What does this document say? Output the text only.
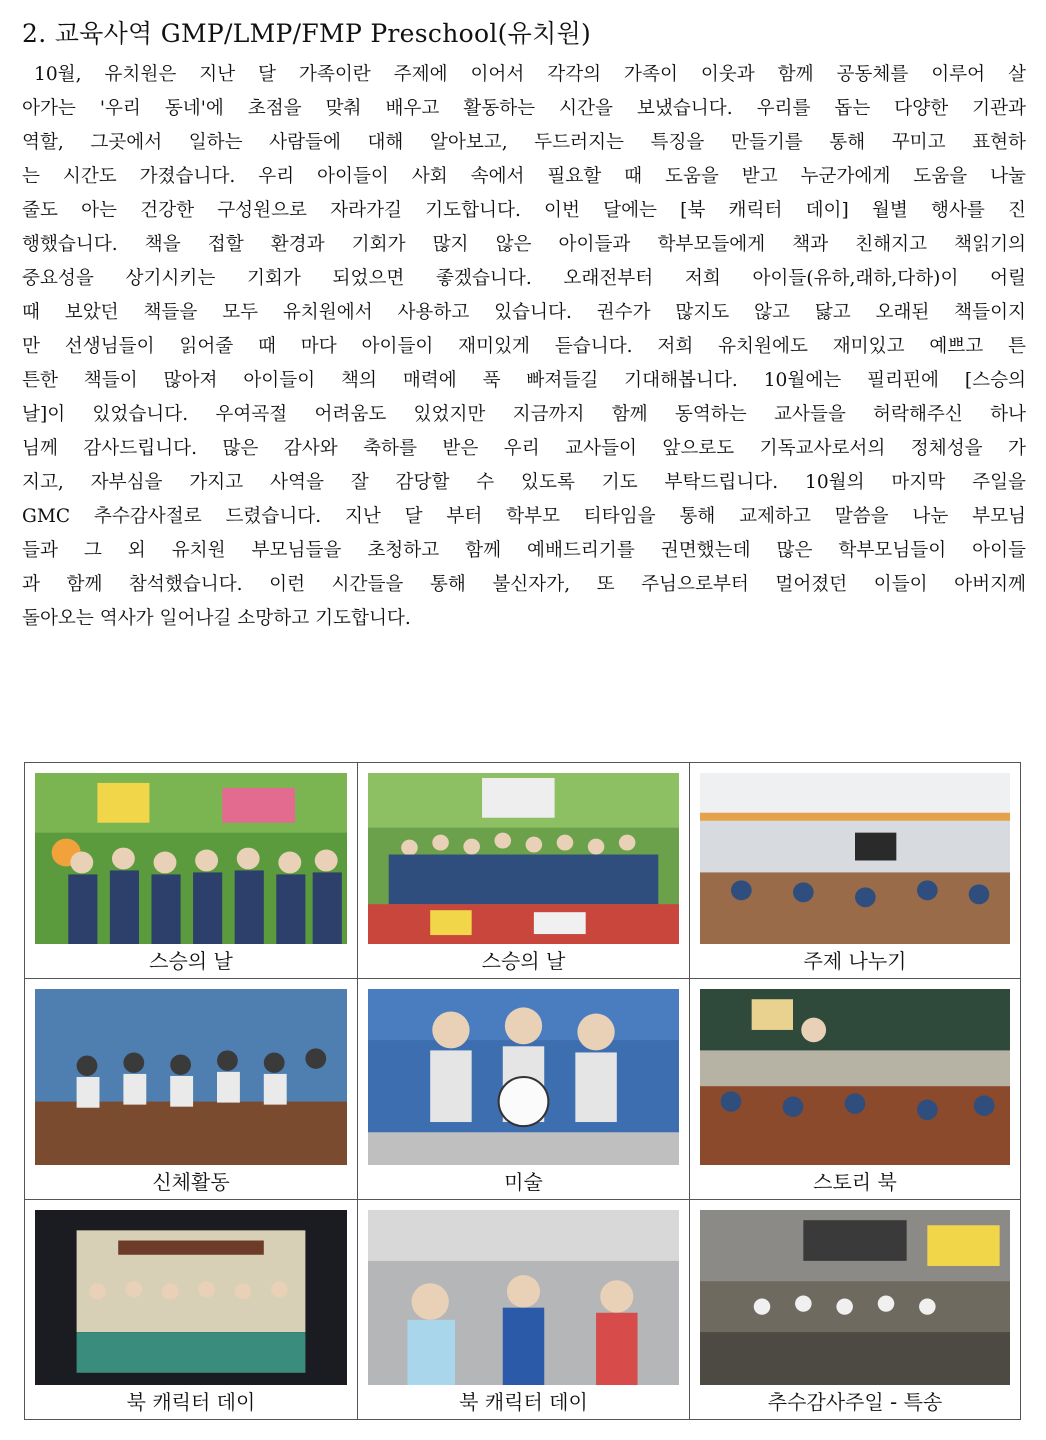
2. 교육사역 GMP/LMP/FMP Preschool(유치원)
10월, 유치원은 지난 달 가족이란 주제에 이어서 각각의 가족이 이웃과 함께 공동체를 이루어 살
아가는 '우리 동네'에 초점을 맞춰 배우고 활동하는 시간을 보냈습니다. 우리를 돕는 다양한 기관과
역할, 그곳에서 일하는 사람들에 대해 알아보고, 두드러지는 특징을 만들기를 통해 꾸미고 표현하
는 시간도 가졌습니다. 우리 아이들이 사회 속에서 필요할 때 도움을 받고 누군가에게 도움을 나눌
줄도 아는 건강한 구성원으로 자라가길 기도합니다. 이번 달에는 [북 캐릭터 데이] 월별 행사를 진
행했습니다. 책을 접할 환경과 기회가 많지 않은 아이들과 학부모들에게 책과 친해지고 책읽기의
중요성을 상기시키는 기회가 되었으면 좋겠습니다. 오래전부터 저희 아이들(유하,래하,다하)이 어릴
때 보았던 책들을 모두 유치원에서 사용하고 있습니다. 권수가 많지도 않고 닳고 오래된 책들이지
만 선생님들이 읽어줄 때 마다 아이들이 재미있게 듣습니다. 저희 유치원에도 재미있고 예쁘고 튼
튼한 책들이 많아져 아이들이 책의 매력에 푹 빠져들길 기대해봅니다. 10월에는 필리핀에 [스승의
날]이 있었습니다. 우여곡절 어려움도 있었지만 지금까지 함께 동역하는 교사들을 허락해주신 하나
님께 감사드립니다. 많은 감사와 축하를 받은 우리 교사들이 앞으로도 기독교사로서의 정체성을 가
지고, 자부심을 가지고 사역을 잘 감당할 수 있도록 기도 부탁드립니다. 10월의 마지막 주일을
GMC 추수감사절로 드렸습니다. 지난 달 부터 학부모 티타임을 통해 교제하고 말씀을 나눈 부모님
들과 그 외 유치원 부모님들을 초청하고 함께 예배드리기를 권면했는데 많은 학부모님들이 아이들
과 함께 참석했습니다. 이런 시간들을 통해 불신자가, 또 주님으로부터 멀어졌던 이들이 아버지께
돌아오는 역사가 일어나길 소망하고 기도합니다.
스승의 날	스승의 날	주제 나누기
신체활동	미술	스토리 북
북 캐릭터 데이	북 캐릭터 데이	추수감사주일 - 특송
